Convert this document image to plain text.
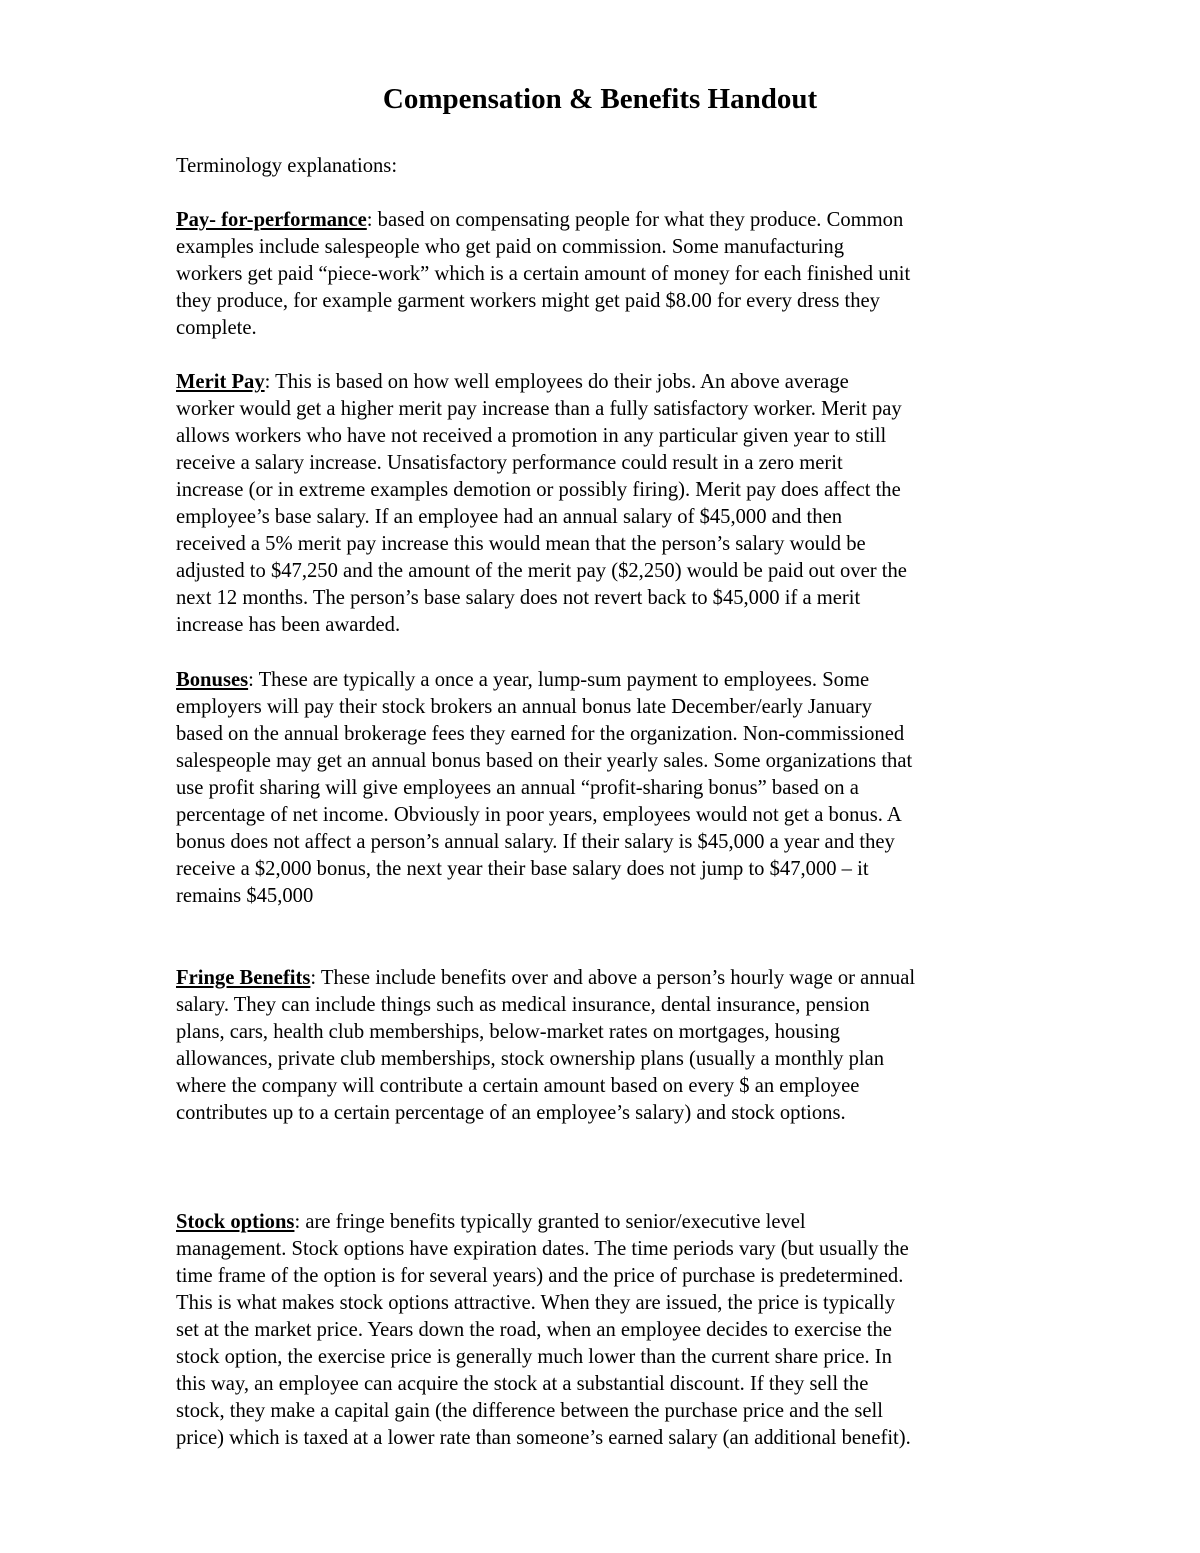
Compensation & Benefits Handout

Terminology explanations:

Pay- for-performance: based on compensating people for what they produce. Common
examples include salespeople who get paid on commission. Some manufacturing
workers get paid “piece-work” which is a certain amount of money for each finished unit
they produce, for example garment workers might get paid $8.00 for every dress they
complete.
Merit Pay: This is based on how well employees do their jobs. An above average
worker would get a higher merit pay increase than a fully satisfactory worker. Merit pay
allows workers who have not received a promotion in any particular given year to still
receive a salary increase. Unsatisfactory performance could result in a zero merit
increase (or in extreme examples demotion or possibly firing). Merit pay does affect the
employee’s base salary. If an employee had an annual salary of $45,000 and then
received a 5% merit pay increase this would mean that the person’s salary would be
adjusted to $47,250 and the amount of the merit pay ($2,250) would be paid out over the
next 12 months. The person’s base salary does not revert back to $45,000 if a merit
increase has been awarded.
Bonuses: These are typically a once a year, lump-sum payment to employees. Some
employers will pay their stock brokers an annual bonus late December/early January
based on the annual brokerage fees they earned for the organization. Non-commissioned
salespeople may get an annual bonus based on their yearly sales. Some organizations that
use profit sharing will give employees an annual “profit-sharing bonus” based on a
percentage of net income. Obviously in poor years, employees would not get a bonus. A
bonus does not affect a person’s annual salary. If their salary is $45,000 a year and they
receive a $2,000 bonus, the next year their base salary does not jump to $47,000 – it
remains $45,000
Fringe Benefits: These include benefits over and above a person’s hourly wage or annual
salary. They can include things such as medical insurance, dental insurance, pension
plans, cars, health club memberships, below-market rates on mortgages, housing
allowances, private club memberships, stock ownership plans (usually a monthly plan
where the company will contribute a certain amount based on every $ an employee
contributes up to a certain percentage of an employee’s salary) and stock options.
Stock options: are fringe benefits typically granted to senior/executive level
management. Stock options have expiration dates. The time periods vary (but usually the
time frame of the option is for several years) and the price of purchase is predetermined.
This is what makes stock options attractive. When they are issued, the price is typically
set at the market price. Years down the road, when an employee decides to exercise the
stock option, the exercise price is generally much lower than the current share price. In
this way, an employee can acquire the stock at a substantial discount. If they sell the
stock, they make a capital gain (the difference between the purchase price and the sell
price) which is taxed at a lower rate than someone’s earned salary (an additional benefit).
